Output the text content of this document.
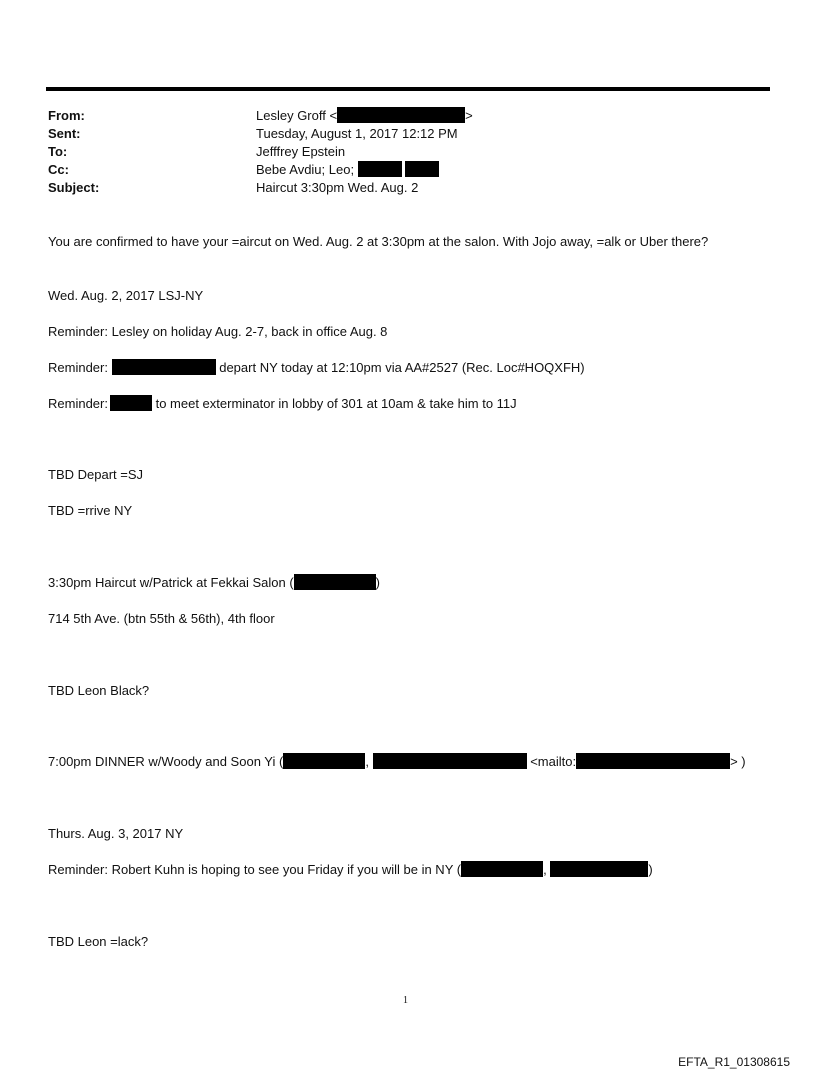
From:	Lesley Groff <	>
Sent:	Tuesday, August 1, 2017 12:12 PM
To:	Jefffrey Epstein
Cc:	Bebe Avdiu; Leo;
Subject:	Haircut 3:30pm Wed. Aug. 2
You are confirmed to have your =aircut on Wed. Aug. 2 at 3:30pm at the salon. With Jojo away, =alk or Uber there?
Wed. Aug. 2, 2017 LSJ-NY
Reminder: Lesley on holiday Aug. 2-7, back in office Aug. 8
Reminder:	depart NY today at 12:10pm via AA#2527 (Rec. Loc#HOQXFH)
Reminder:	to meet exterminator in lobby of 301 at 10am & take him to 11J
TBD Depart =SJ
TBD =rrive NY
3:30pm Haircut w/Patrick at Fekkai Salon (	)
714 5th Ave. (btn 55th & 56th), 4th floor
TBD Leon Black?
7:00pm DINNER w/Woody and Soon Yi (	,	<mailto:	> )
Thurs. Aug. 3, 2017 NY
Reminder: Robert Kuhn is hoping to see you Friday if you will be in NY (	,	)
TBD Leon =lack?
1
EFTA_R1_01308615
